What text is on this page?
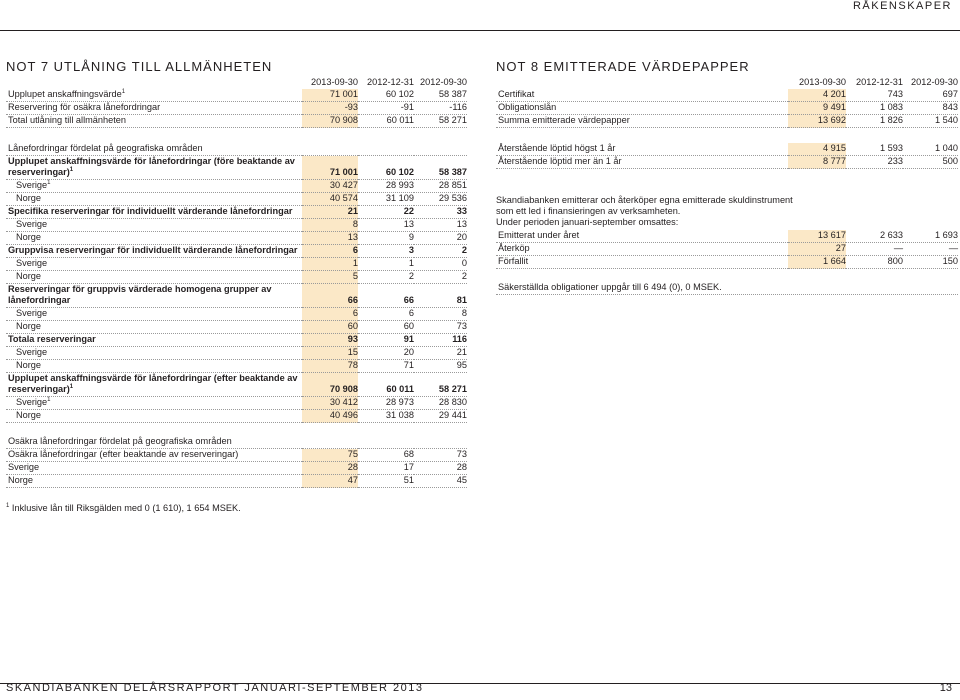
RÅKENSKAPER
NOT 7 UTLÅNING TILL ALLMÄNHETEN
	2013-09-30	2012-12-31	2012-09-30
Upplupet anskaffningsvärde$^1$	71 001	60 102	58 387
Reservering för osäkra lånefordringar	-93	-91	-116
Total utlåning till allmänheten	70 908	60 011	58 271
Lånefordringar fördelat på geografiska områden			
Upplupet anskaffningsvärde för lånefordringar (före beaktande av reserveringar)$^1$	71 001	60 102	58 387
Sverige$^1$	30 427	28 993	28 851
Norge	40 574	31 109	29 536
Specifika reserveringar för individuellt värderande lånefordringar	21	22	33
Sverige	8	13	13
Norge	13	9	20
Gruppvisa reserveringar för individuellt värderande lånefordringar	6	3	2
Sverige	1	1	0
Norge	5	2	2
Reserveringar för gruppvis värderade homogena grupper av lånefordringar	66	66	81
Sverige	6	6	8
Norge	60	60	73
Totala reserveringar	93	91	116
Sverige	15	20	21
Norge	78	71	95
Upplupet anskaffningsvärde för lånefordringar (efter beaktande av reserveringar)$^1$	70 908	60 011	58 271
Sverige$^1$	30 412	28 973	28 830
Norge	40 496	31 038	29 441
Osäkra lånefordringar fördelat på geografiska områden			
Osäkra lånefordringar (efter beaktande av reserveringar)	75	68	73
Sverige	28	17	28
Norge	47	51	45
$^1$ Inklusive lån till Riksgälden med 0 (1 610), 1 654 MSEK.
NOT 8 EMITTERADE VÄRDEPAPPER
	2013-09-30	2012-12-31	2012-09-30
Certifikat	4 201	743	697
Obligationslån	9 491	1 083	843
Summa emitterade värdepapper	13 692	1 826	1 540
Återstående löptid högst 1 år	4 915	1 593	1 040
Återstående löptid mer än 1 år	8 777	233	500

Skandiabanken emitterar och återköper egna emitterade skuldinstrument som ett led i finansieringen av verksamheten.

Under perioden januari-september omsattes:

Emitterat under året	13 617	2 633	1 693
Återköp	27	—	—
Förfallit	1 664	800	150
Säkerställda obligationer uppgår till 6 494 (0), 0 MSEK.
SKANDIABANKEN DELÅRSRAPPORT JANUARI-SEPTEMBER 2013	13
